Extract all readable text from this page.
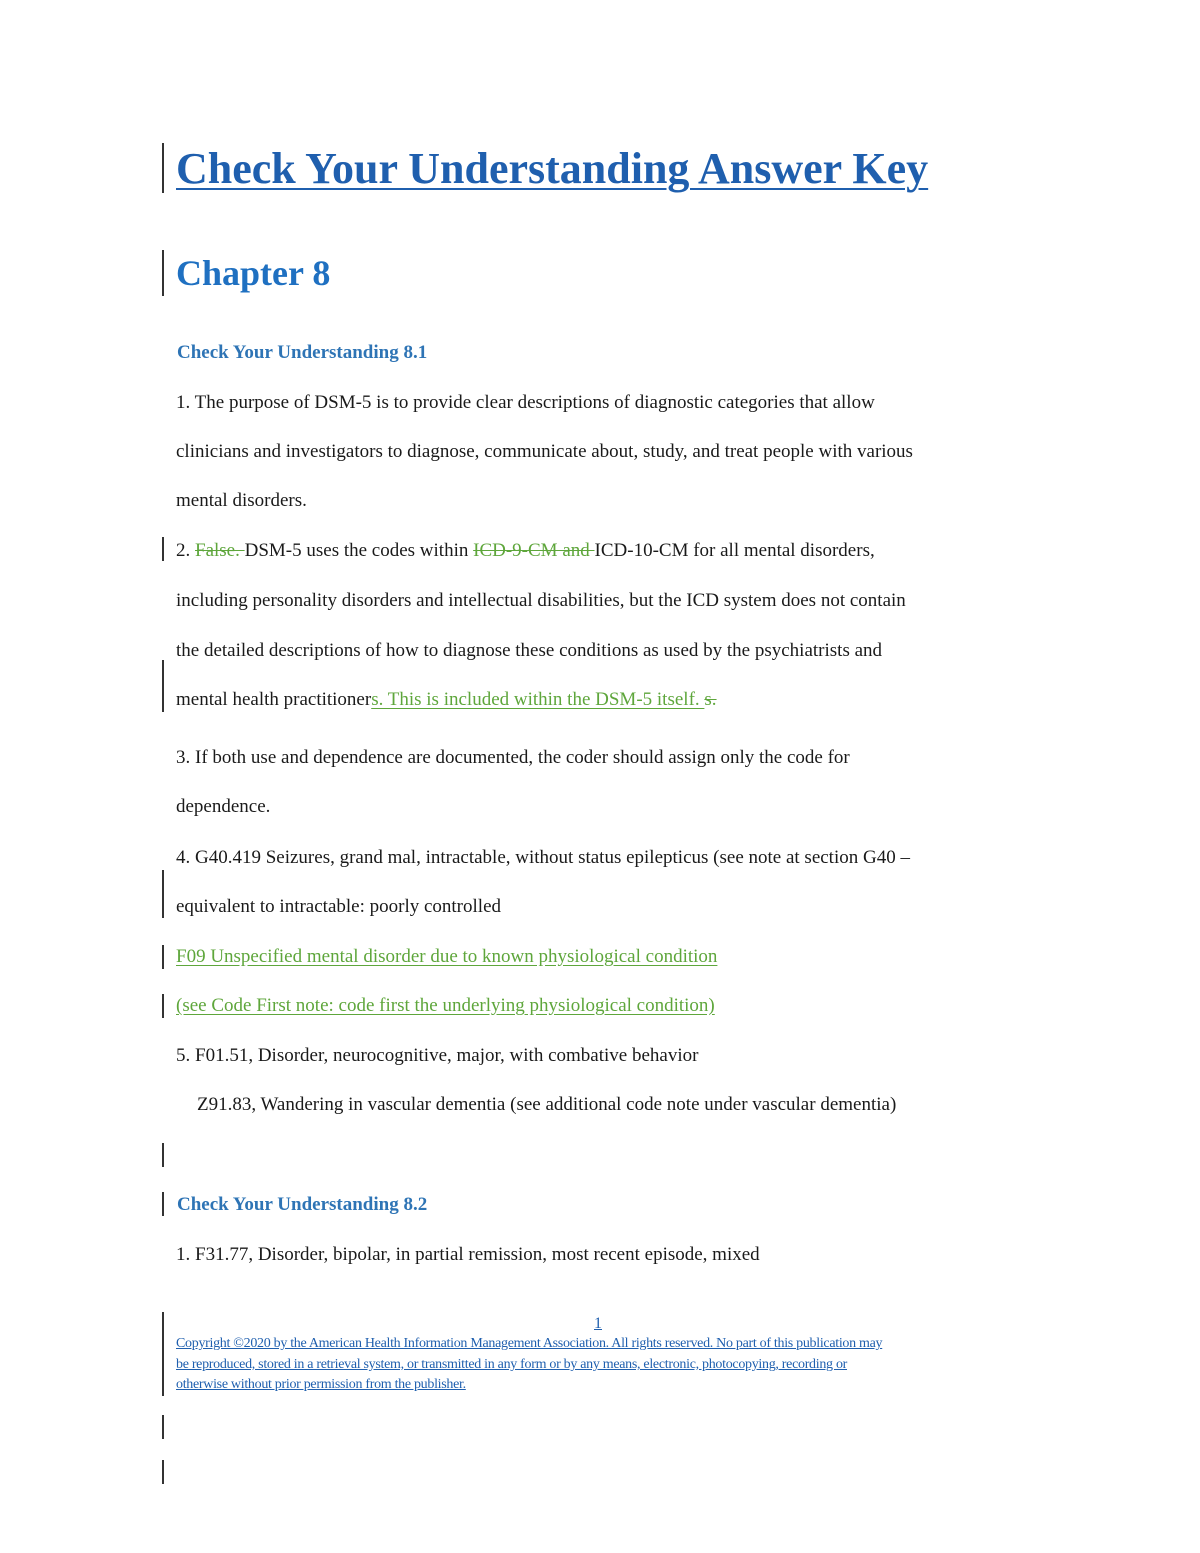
Check Your Understanding Answer Key
Chapter 8
Check Your Understanding 8.1
1. The purpose of DSM-5 is to provide clear descriptions of diagnostic categories that allow
clinicians and investigators to diagnose, communicate about, study, and treat people with various
mental disorders.
2. False. DSM-5 uses the codes within ICD-9-CM and ICD-10-CM for all mental disorders,
including personality disorders and intellectual disabilities, but the ICD system does not contain
the detailed descriptions of how to diagnose these conditions as used by the psychiatrists and
mental health practitioners. This is included within the DSM-5 itself. s.
3. If both use and dependence are documented, the coder should assign only the code for
dependence.
4. G40.419 Seizures, grand mal, intractable, without status epilepticus (see note at section G40 –
equivalent to intractable: poorly controlled
F09 Unspecified mental disorder due to known physiological condition
(see Code First note: code first the underlying physiological condition)
5. F01.51, Disorder, neurocognitive, major, with combative behavior
Z91.83, Wandering in vascular dementia (see additional code note under vascular dementia)
Check Your Understanding 8.2
1. F31.77, Disorder, bipolar, in partial remission, most recent episode, mixed
1
Copyright ©2020 by the American Health Information Management Association. All rights reserved. No part of this publication may
be reproduced, stored in a retrieval system, or transmitted in any form or by any means, electronic, photocopying, recording or
otherwise without prior permission from the publisher.
